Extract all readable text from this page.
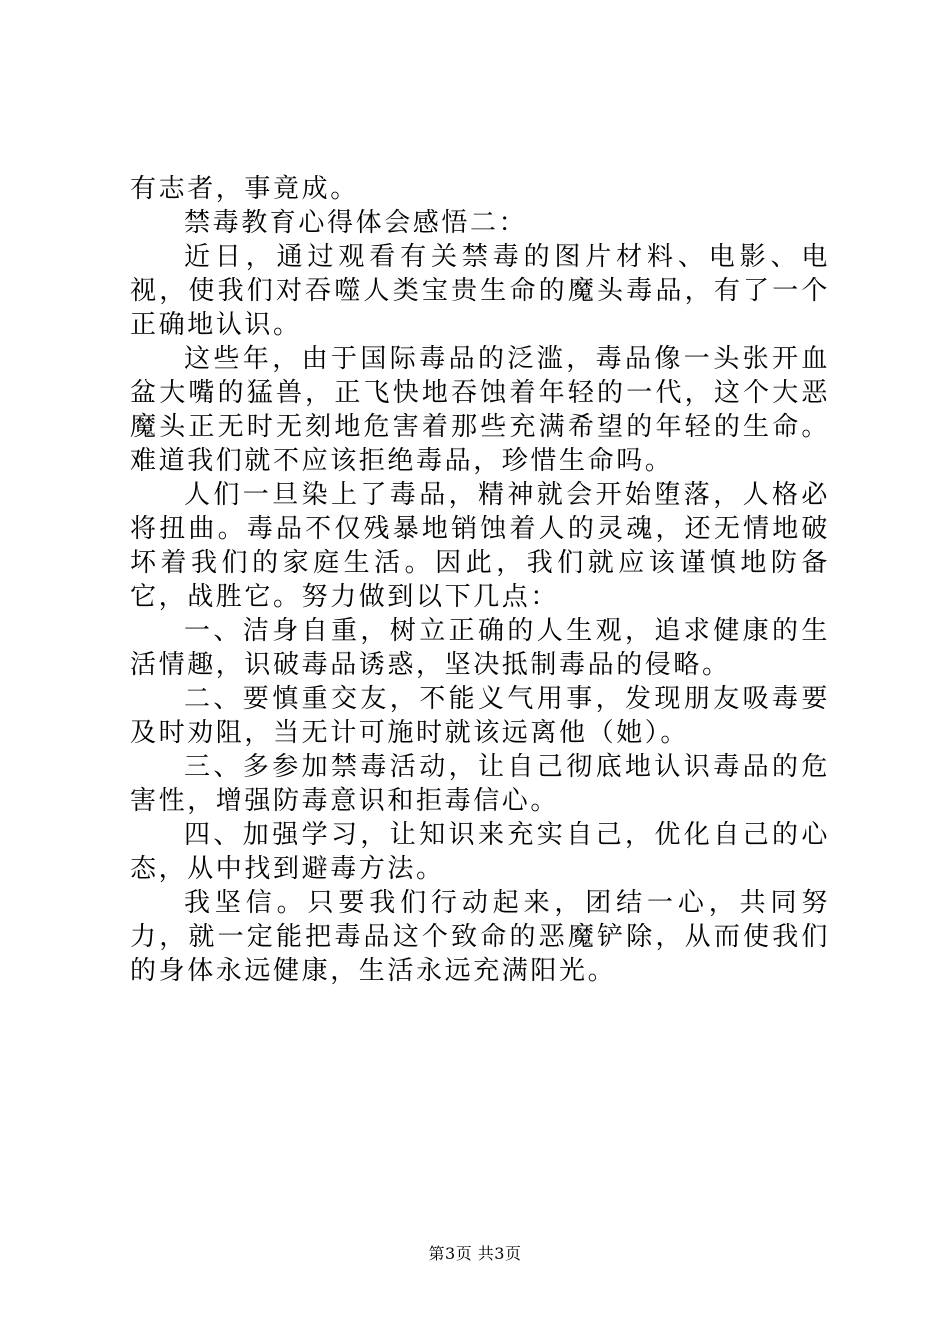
有志者，事竟成。

禁毒教育心得体会感悟二：

近日，通过观看有关禁毒的图片材料、电影、电视，使我们对吞噬人类宝贵生命的魔头毒品，有了一个正确地认识。

这些年，由于国际毒品的泛滥，毒品像一头张开血盆大嘴的猛兽，正飞快地吞蚀着年轻的一代，这个大恶魔头正无时无刻地危害着那些充满希望的年轻的生命。难道我们就不应该拒绝毒品，珍惜生命吗。

人们一旦染上了毒品，精神就会开始堕落，人格必将扭曲。毒品不仅残暴地销蚀着人的灵魂，还无情地破坏着我们的家庭生活。因此，我们就应该谨慎地防备它，战胜它。努力做到以下几点：

一、洁身自重，树立正确的人生观，追求健康的生活情趣，识破毒品诱惑，坚决抵制毒品的侵略。

二、要慎重交友，不能义气用事，发现朋友吸毒要及时劝阻，当无计可施时就该远离他（她）。

三、多参加禁毒活动，让自己彻底地认识毒品的危害性，增强防毒意识和拒毒信心。

四、加强学习，让知识来充实自己，优化自己的心态，从中找到避毒方法。

我坚信。只要我们行动起来，团结一心，共同努力，就一定能把毒品这个致命的恶魔铲除，从而使我们的身体永远健康，生活永远充满阳光。

第3页 共3页
